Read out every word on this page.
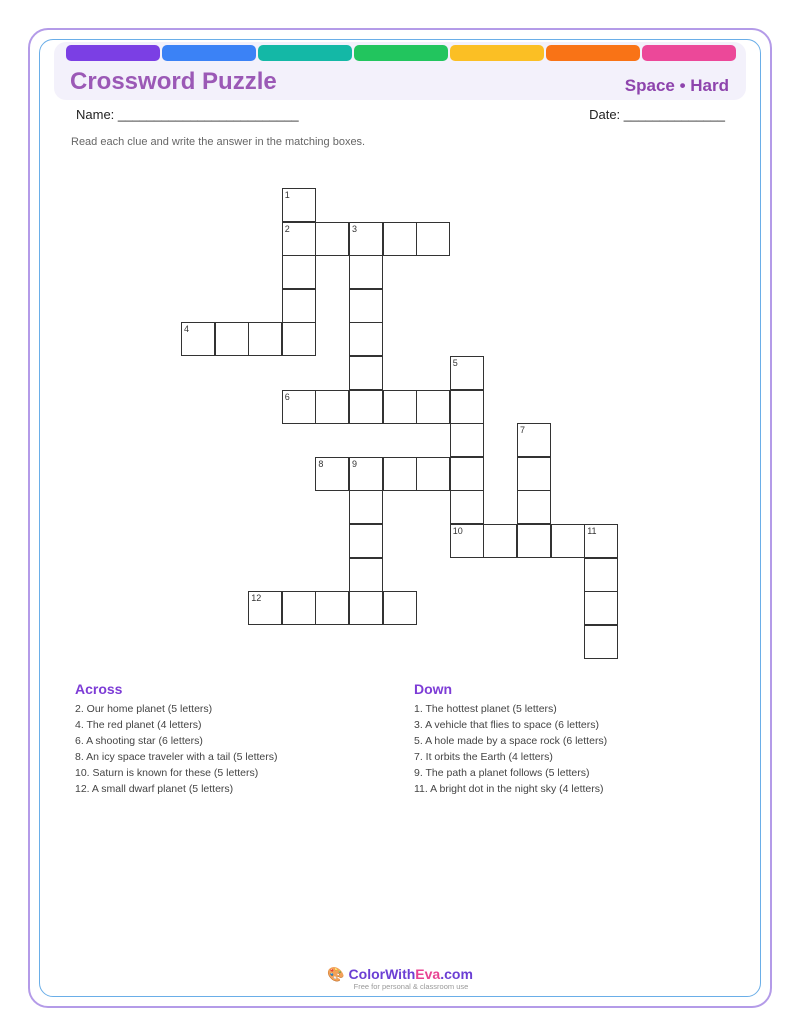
Crossword Puzzle	Space • Hard
Name: _________________________	Date: ______________
Read each clue and write the answer in the matching boxes.
1
2	3
4
5
10
6
7
8	9
11
12
Across
2. Our home planet (5 letters)
4. The red planet (4 letters)
6. A shooting star (6 letters)
8. An icy space traveler with a tail (5 letters)
10. Saturn is known for these (5 letters)
12. A small dwarf planet (5 letters)
Down
1. The hottest planet (5 letters)
3. A vehicle that flies to space (6 letters)
5. A hole made by a space rock (6 letters)
7. It orbits the Earth (4 letters)
9. The path a planet follows (5 letters)
11. A bright dot in the night sky (4 letters)
🎨 ColorWithEva.com
Free for personal & classroom use
